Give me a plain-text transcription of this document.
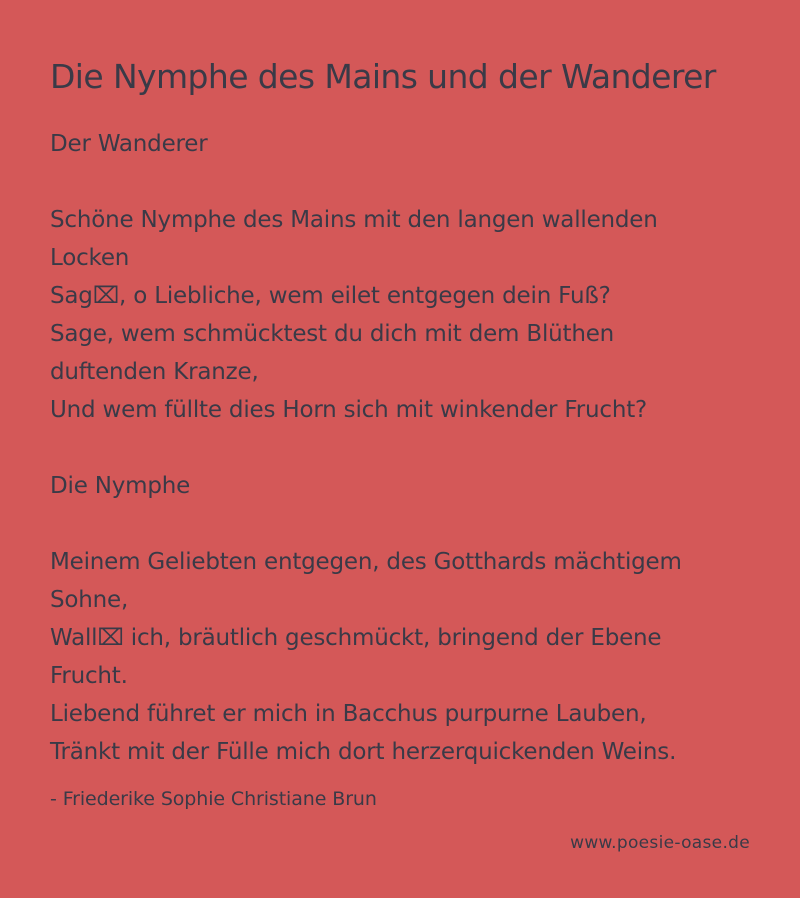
Die Nymphe des Mains und der Wanderer
Der Wanderer
Schöne Nymphe des Mains mit den langen wallenden
Locken
Sag⌧, o Liebliche, wem eilet entgegen dein Fuß?
Sage, wem schmücktest du dich mit dem Blüthen
duftenden Kranze,
Und wem füllte dies Horn sich mit winkender Frucht?
Die Nymphe
Meinem Geliebten entgegen, des Gotthards mächtigem
Sohne,
Wall⌧ ich, bräutlich geschmückt, bringend der Ebene
Frucht.
Liebend führet er mich in Bacchus purpurne Lauben,
Tränkt mit der Fülle mich dort herzerquickenden Weins.
- Friederike Sophie Christiane Brun
www.poesie-oase.de
